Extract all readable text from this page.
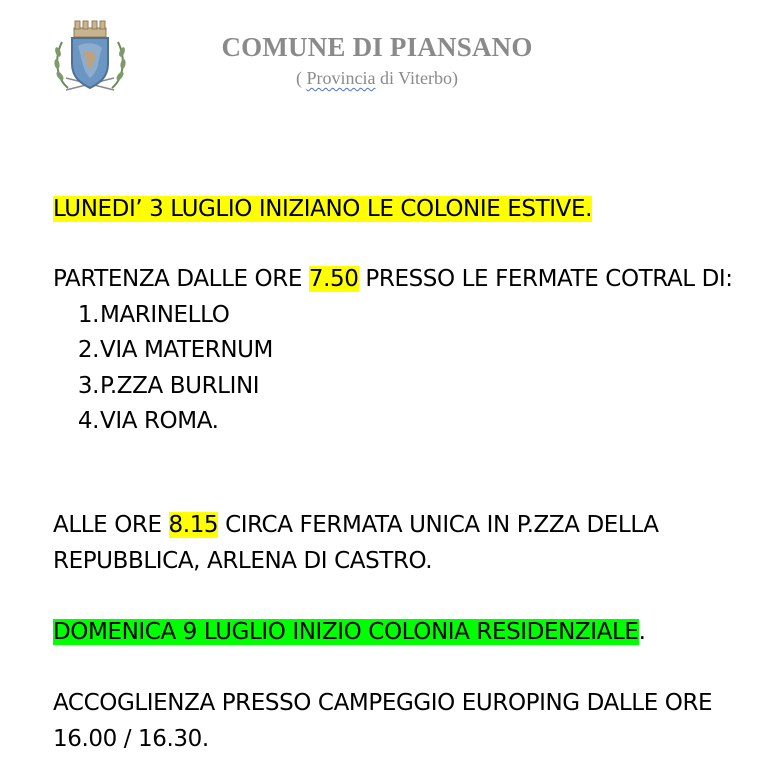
COMUNE DI PIANSANO
( Provincia di Viterbo)
LUNEDI’ 3 LUGLIO INIZIANO LE COLONIE ESTIVE.

PARTENZA DALLE ORE 7.50 PRESSO LE FERMATE COTRAL DI:

1. MARINELLO
2. VIA MATERNUM
3. P.ZZA BURLINI
4. VIA ROMA.
ALLE ORE 8.15 CIRCA FERMATA UNICA IN P.ZZA DELLA REPUBBLICA, ARLENA DI CASTRO.
DOMENICA 9 LUGLIO INIZIO COLONIA RESIDENZIALE.
ACCOGLIENZA PRESSO CAMPEGGIO EUROPING DALLE ORE 16.00 / 16.30.
